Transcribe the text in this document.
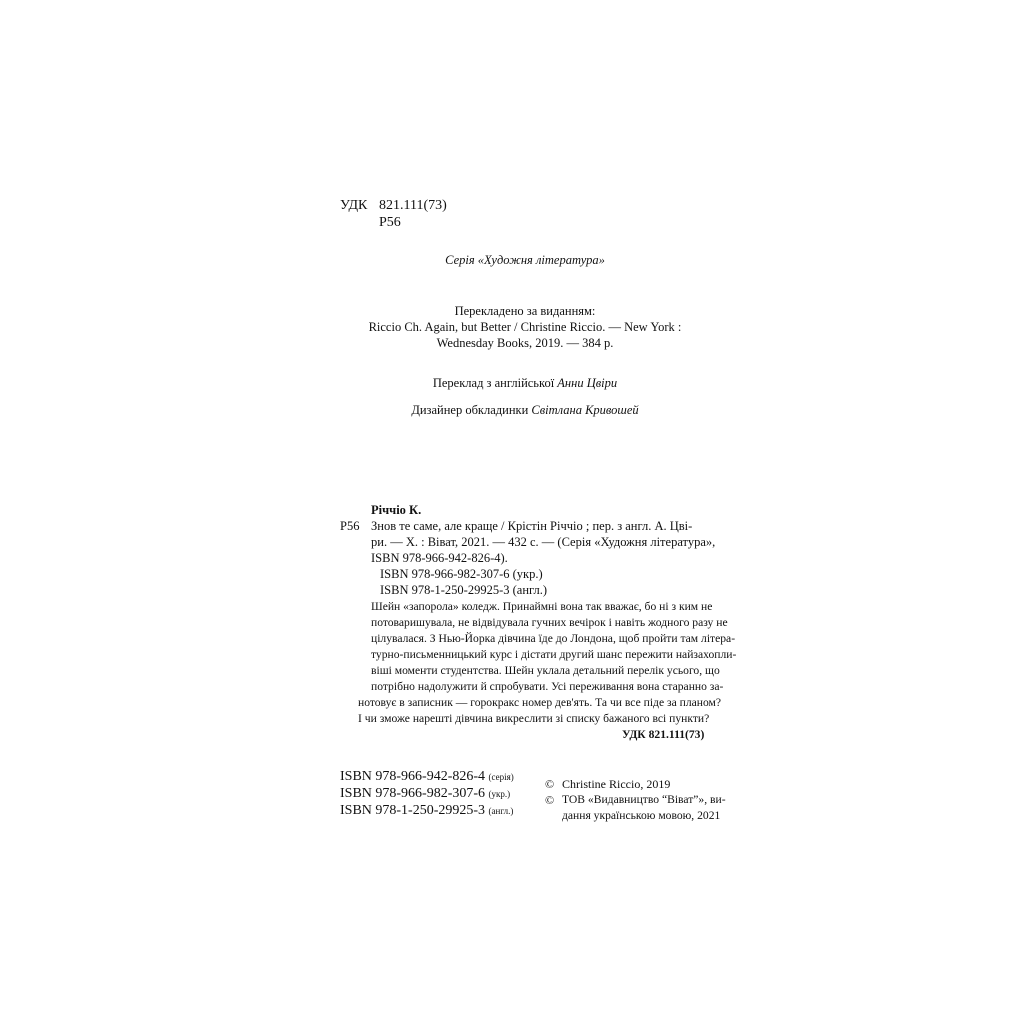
УДК 821.111(73)
Р56
Серія «Художня література»
Перекладено за виданням:
Riccio Ch. Again, but Better / Christine Riccio. — New York :
Wednesday Books, 2019. — 384 p.
Переклад з англійської Анни Цвіри
Дизайнер обкладинки Світлана Кривошей
Річчіо К.
Р56 Знов те саме, але краще / Крістін Річчіо ; пер. з англ. А. Цві-
ри. — Х. : Віват, 2021. — 432 с. — (Серія «Художня література»,
ISBN 978-966-942-826-4).
ISBN 978-966-982-307-6 (укр.)
ISBN 978-1-250-29925-3 (англ.)
Шейн «запорола» коледж. Принаймні вона так вважає, бо ні з ким не
потоваришувала, не відвідувала гучних вечірок і навіть жодного разу не
цілувалася. З Нью-Йорка дівчина їде до Лондона, щоб пройти там літера-
турно-письменницький курс і дістати другий шанс пережити найзахопли-
віші моменти студентства. Шейн уклала детальний перелік усього, що
потрібно надолужити й спробувати. Усі переживання вона старанно за-
нотовує в записник — горокракс номер дев'ять. Та чи все піде за планом?
І чи зможе нарешті дівчина викреслити зі списку бажаного всі пункти?
УДК 821.111(73)
ISBN 978-966-942-826-4 (серія)
ISBN 978-966-982-307-6 (укр.)
ISBN 978-1-250-29925-3 (англ.)
© Christine Riccio, 2019
© ТОВ «Видавництво “Віват”», ви-
дання українською мовою, 2021
